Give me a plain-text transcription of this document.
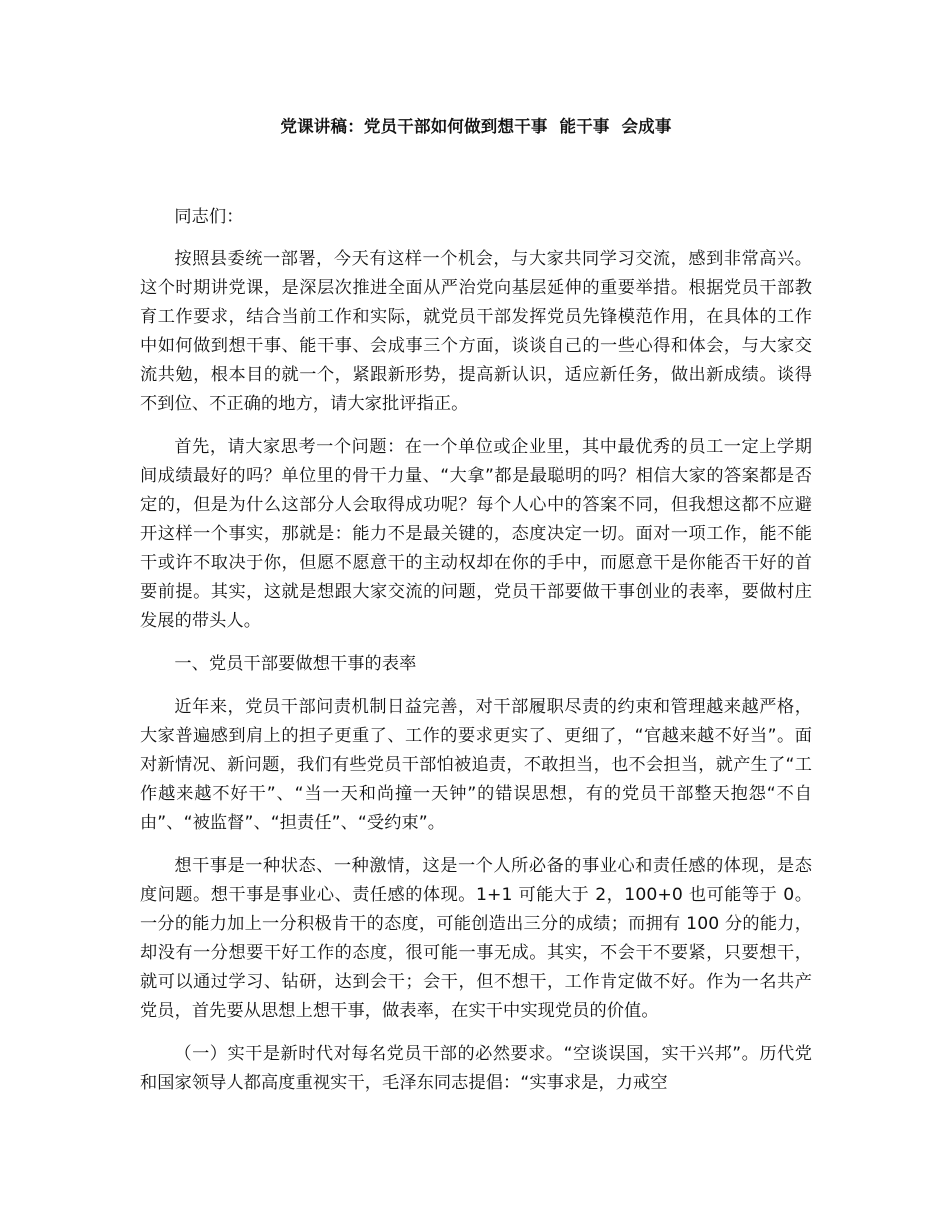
党课讲稿：党员干部如何做到想干事  能干事  会成事

同志们：

按照县委统一部署，今天有这样一个机会，与大家共同学习交流，感到非常高兴。这个时期讲党课，是深层次推进全面从严治党向基层延伸的重要举措。根据党员干部教育工作要求，结合当前工作和实际，就党员干部发挥党员先锋模范作用，在具体的工作中如何做到想干事、能干事、会成事三个方面，谈谈自己的一些心得和体会，与大家交流共勉，根本目的就一个，紧跟新形势，提高新认识，适应新任务，做出新成绩。谈得不到位、不正确的地方，请大家批评指正。

首先，请大家思考一个问题：在一个单位或企业里，其中最优秀的员工一定上学期间成绩最好的吗？单位里的骨干力量、“大拿”都是最聪明的吗？相信大家的答案都是否定的，但是为什么这部分人会取得成功呢？每个人心中的答案不同，但我想这都不应避开这样一个事实，那就是：能力不是最关键的，态度决定一切。面对一项工作，能不能干或许不取决于你，但愿不愿意干的主动权却在你的手中，而愿意干是你能否干好的首要前提。其实，这就是想跟大家交流的问题，党员干部要做干事创业的表率，要做村庄发展的带头人。

一、党员干部要做想干事的表率

近年来，党员干部问责机制日益完善，对干部履职尽责的约束和管理越来越严格，大家普遍感到肩上的担子更重了、工作的要求更实了、更细了，“官越来越不好当”。面对新情况、新问题，我们有些党员干部怕被追责，不敢担当，也不会担当，就产生了“工作越来越不好干”、“当一天和尚撞一天钟”的错误思想，有的党员干部整天抱怨“不自由”、“被监督”、“担责任”、“受约束”。

想干事是一种状态、一种激情，这是一个人所必备的事业心和责任感的体现，是态度问题。想干事是事业心、责任感的体现。1+1 可能大于 2，100+0 也可能等于 0。一分的能力加上一分积极肯干的态度，可能创造出三分的成绩；而拥有 100 分的能力，却没有一分想要干好工作的态度，很可能一事无成。其实，不会干不要紧，只要想干，就可以通过学习、钻研，达到会干；会干，但不想干，工作肯定做不好。作为一名共产党员，首先要从思想上想干事，做表率，在实干中实现党员的价值。

（一）实干是新时代对每名党员干部的必然要求。“空谈误国，实干兴邦”。历代党和国家领导人都高度重视实干，毛泽东同志提倡：“实事求是，力戒空
